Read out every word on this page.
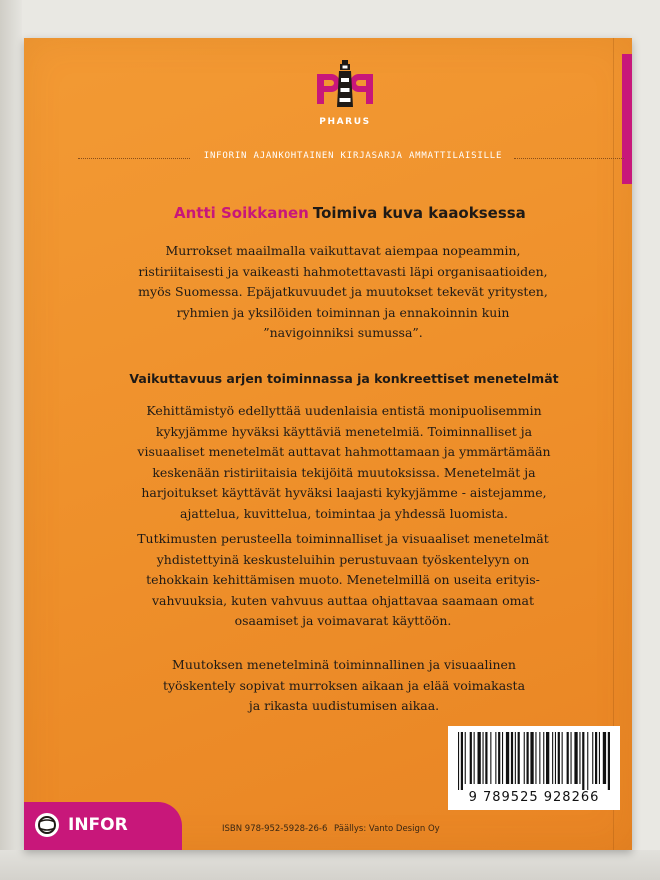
PHARUS
INFORIN AJANKOHTAINEN KIRJASARJA AMMATTILAISILLE
Antti Soikkanen Toimiva kuva kaaoksessa
Murrokset maailmalla vaikuttavat aiempaa nopeammin,
ristiriitaisesti ja vaikeasti hahmotettavasti läpi organisaatioiden,
myös Suomessa. Epäjatkuvuudet ja muutokset tekevät yritysten,
ryhmien ja yksilöiden toiminnan ja ennakoinnin kuin
”navigoinniksi sumussa”.
Vaikuttavuus arjen toiminnassa ja konkreettiset menetelmät
Kehittämistyö edellyttää uudenlaisia entistä monipuolisemmin
kykyjämme hyväksi käyttäviä menetelmiä. Toiminnalliset ja
visuaaliset menetelmät auttavat hahmottamaan ja ymmärtämään
keskenään ristiriitaisia tekijöitä muutoksissa. Menetelmät ja
harjoitukset käyttävät hyväksi laajasti kykyjämme - aistejamme,
ajattelua, kuvittelua, toimintaa ja yhdessä luomista.
Tutkimusten perusteella toiminnalliset ja visuaaliset menetelmät
yhdistettyinä keskusteluihin perustuvaan työskentelyyn on
tehokkain kehittämisen muoto. Menetelmillä on useita erityis-
vahvuuksia, kuten vahvuus auttaa ohjattavaa saamaan omat
osaamiset ja voimavarat käyttöön.
Muutoksen menetelminä toiminnallinen ja visuaalinen
työskentely sopivat murroksen aikaan ja elää voimakasta
ja rikasta uudistumisen aikaa.
9 789525 928266
INFOR	ISBN 978-952-5928-26-6 Päällys: Vanto Design Oy
